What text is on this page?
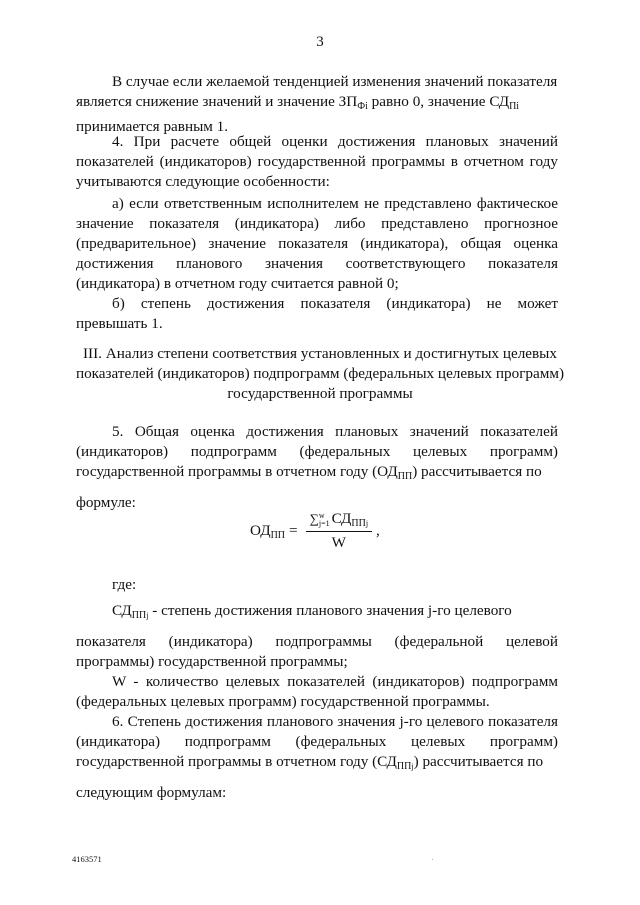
3

В случае если желаемой тенденцией изменения значений показателя

является снижение значений и значение $ЗП_{Фi}$ равно 0, значение $СД_{Пi}$

принимается равным 1.

4. При расчете общей оценки достижения плановых значений показателей (индикаторов) государственной программы в отчетном году учитываются следующие особенности:

а) если ответственным исполнителем не представлено фактическое значение показателя (индикатора) либо представлено прогнозное (предварительное) значение показателя (индикатора), общая оценка достижения планового значения соответствующего показателя (индикатора) в отчетном году считается равной 0;

б) степень достижения показателя (индикатора) не может превышать 1.

III. Анализ степени соответствия установленных и достигнутых целевых
показателей (индикаторов) подпрограмм (федеральных целевых программ)
государственной программы

5. Общая оценка достижения плановых значений показателей (индикаторов) подпрограмм (федеральных целевых программ) государственной программы в отчетном году $(ОД_{ПП})$ рассчитывается по

формуле:

$ОД_{ПП}$ = ∑ w
j=1 $СД_{ПП}j$
W ,

где:

$СД_{ПП}j$ - степень достижения планового значения j-го целевого

показателя (индикатора) подпрограммы (федеральной целевой программы) государственной программы;

W - количество целевых показателей (индикаторов) подпрограмм (федеральных целевых программ) государственной программы.

6. Степень достижения планового значения j-го целевого показателя (индикатора) подпрограмм (федеральных целевых программ) государственной программы в отчетном году $(СД_{ПП}j)$ рассчитывается по

следующим формулам:

4163571
